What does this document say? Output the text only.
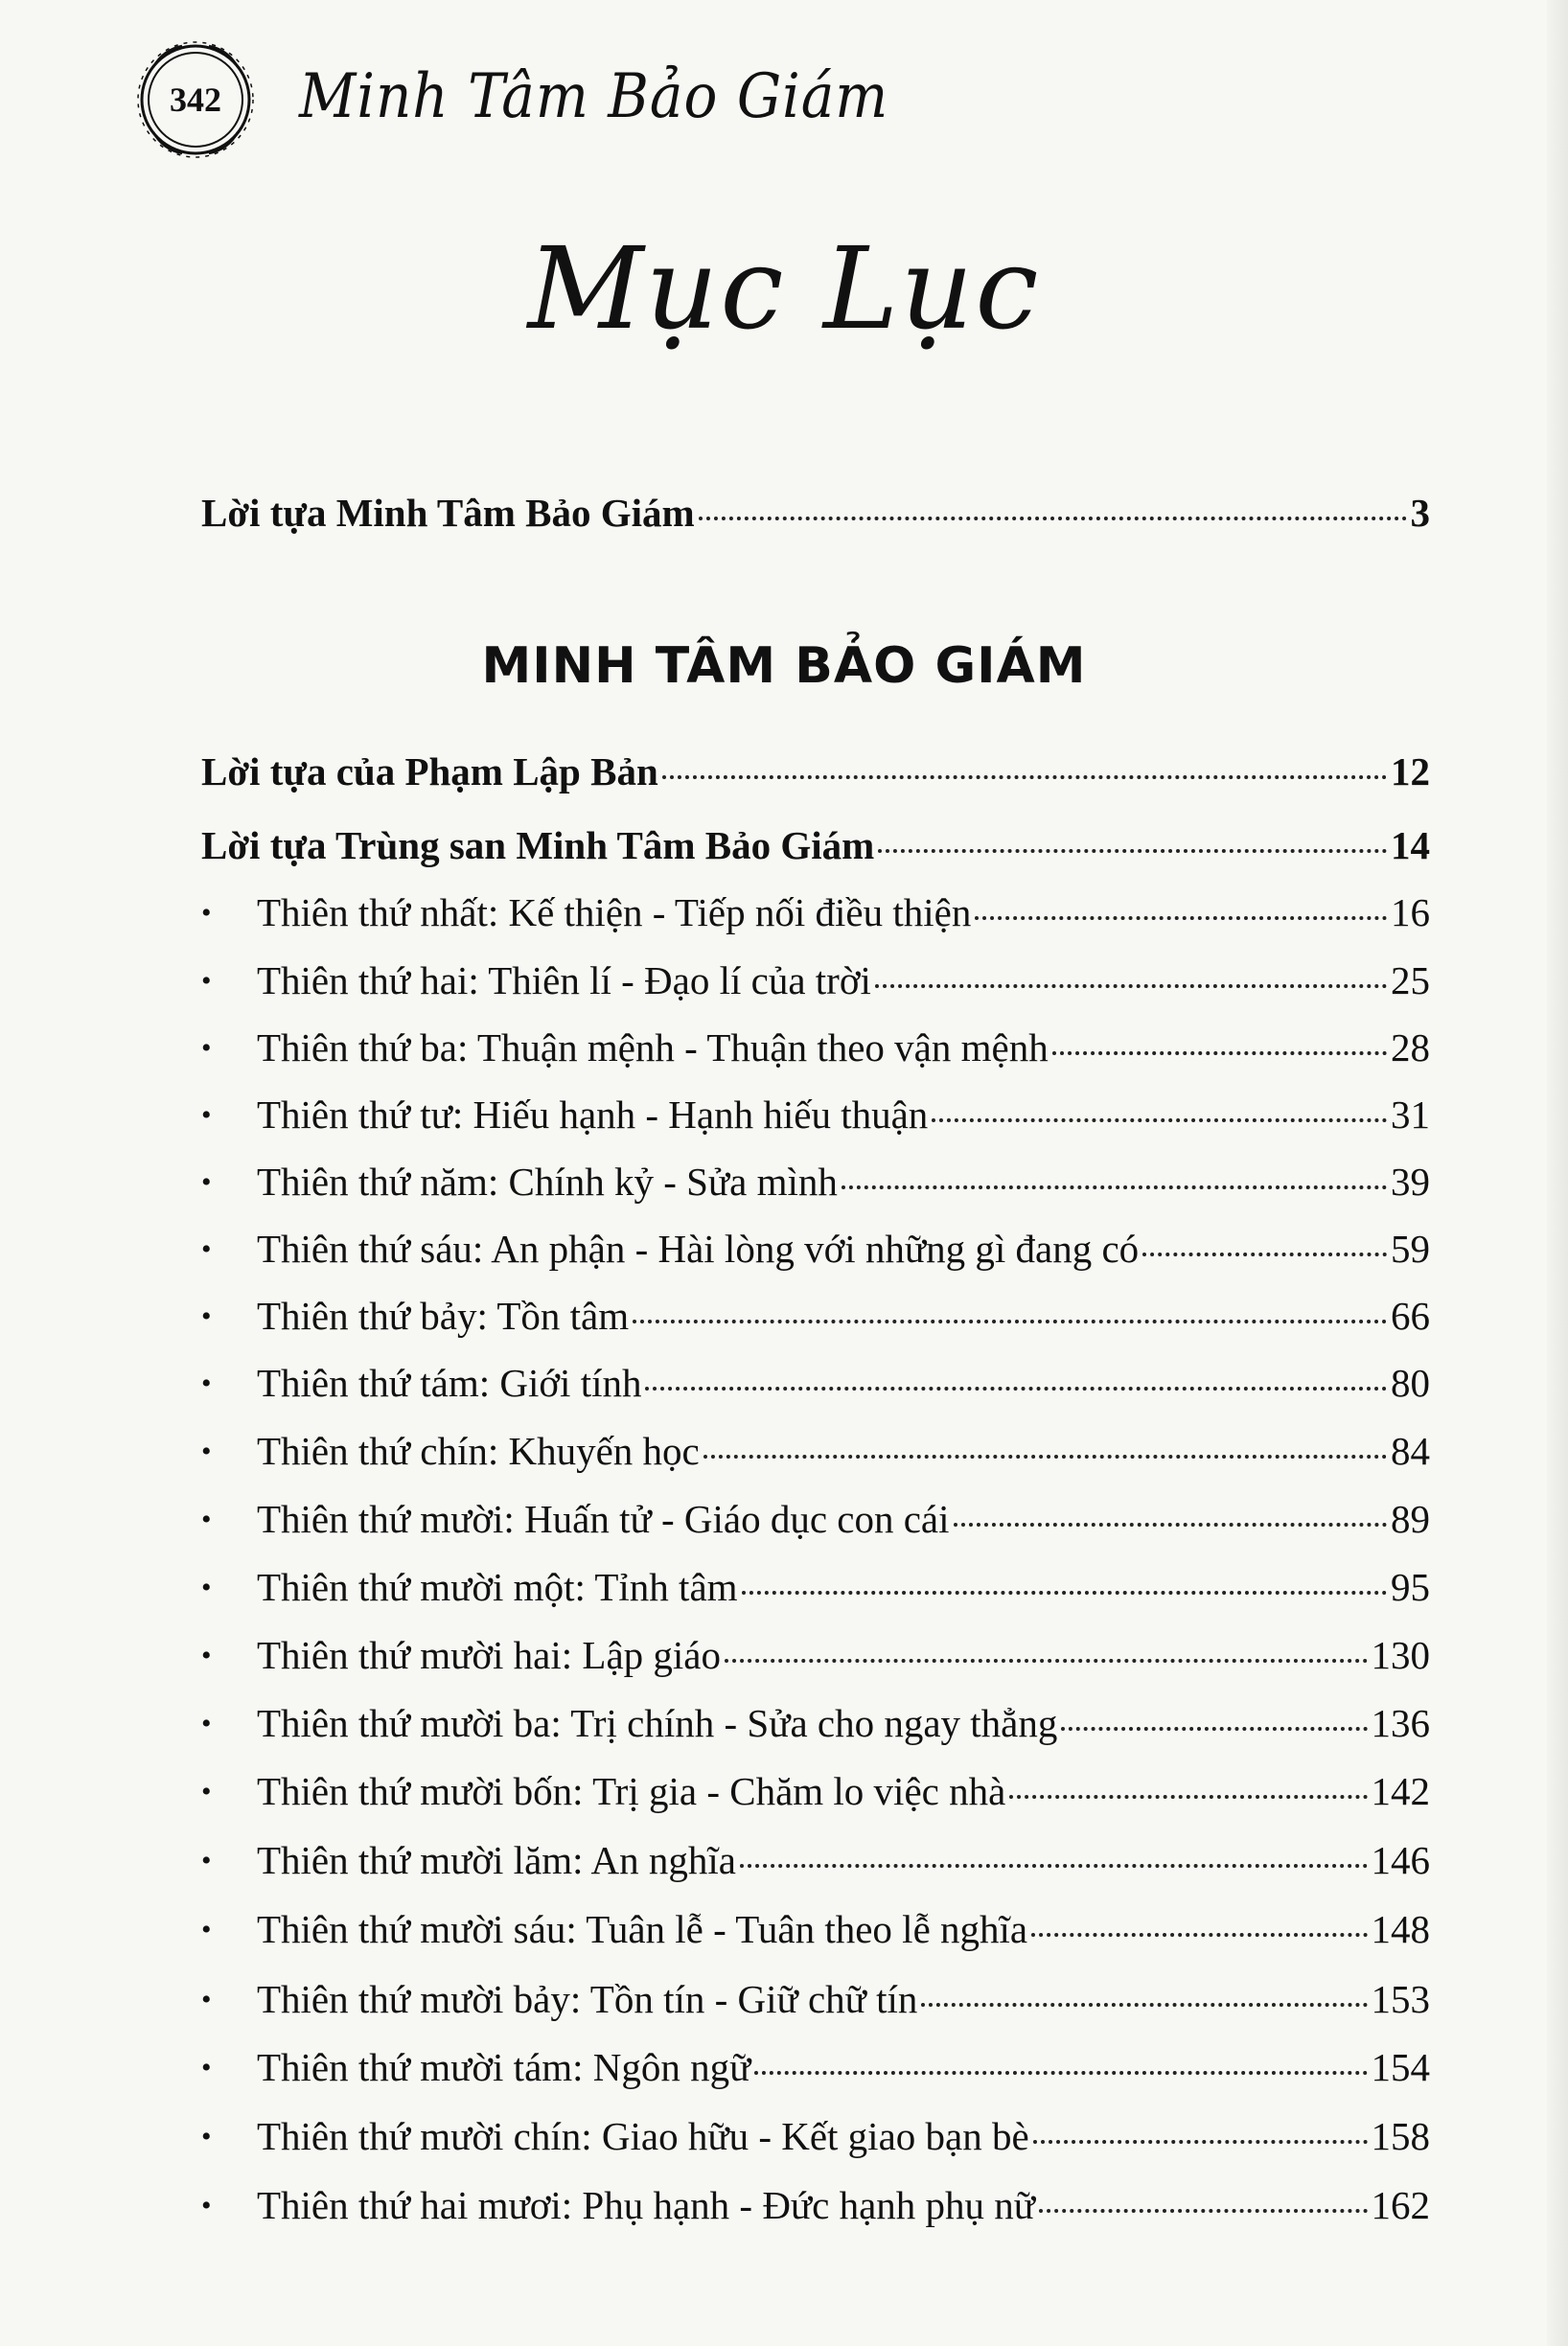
342	Minh Tâm Bảo Giám
Mục Lục
Lời tựa Minh Tâm Bảo Giám	3
MINH TÂM BẢO GIÁM
Lời tựa của Phạm Lập Bản	12
Lời tựa Trùng san Minh Tâm Bảo Giám	14
• Thiên thứ nhất: Kế thiện - Tiếp nối điều thiện	16
• Thiên thứ hai: Thiên lí - Đạo lí của trời	25
• Thiên thứ ba: Thuận mệnh - Thuận theo vận mệnh	28
• Thiên thứ tư: Hiếu hạnh - Hạnh hiếu thuận	31
• Thiên thứ năm: Chính kỷ - Sửa mình	39
• Thiên thứ sáu: An phận - Hài lòng với những gì đang có	59
• Thiên thứ bảy: Tồn tâm	66
• Thiên thứ tám: Giới tính	80
• Thiên thứ chín: Khuyến học	84
• Thiên thứ mười: Huấn tử - Giáo dục con cái	89
• Thiên thứ mười một: Tỉnh tâm	95
• Thiên thứ mười hai: Lập giáo	130
• Thiên thứ mười ba: Trị chính - Sửa cho ngay thẳng	136
• Thiên thứ mười bốn: Trị gia - Chăm lo việc nhà	142
• Thiên thứ mười lăm: An nghĩa	146
• Thiên thứ mười sáu: Tuân lễ - Tuân theo lễ nghĩa	148
• Thiên thứ mười bảy: Tồn tín - Giữ chữ tín	153
• Thiên thứ mười tám: Ngôn ngữ	154
• Thiên thứ mười chín: Giao hữu - Kết giao bạn bè	158
• Thiên thứ hai mươi: Phụ hạnh - Đức hạnh phụ nữ	162
